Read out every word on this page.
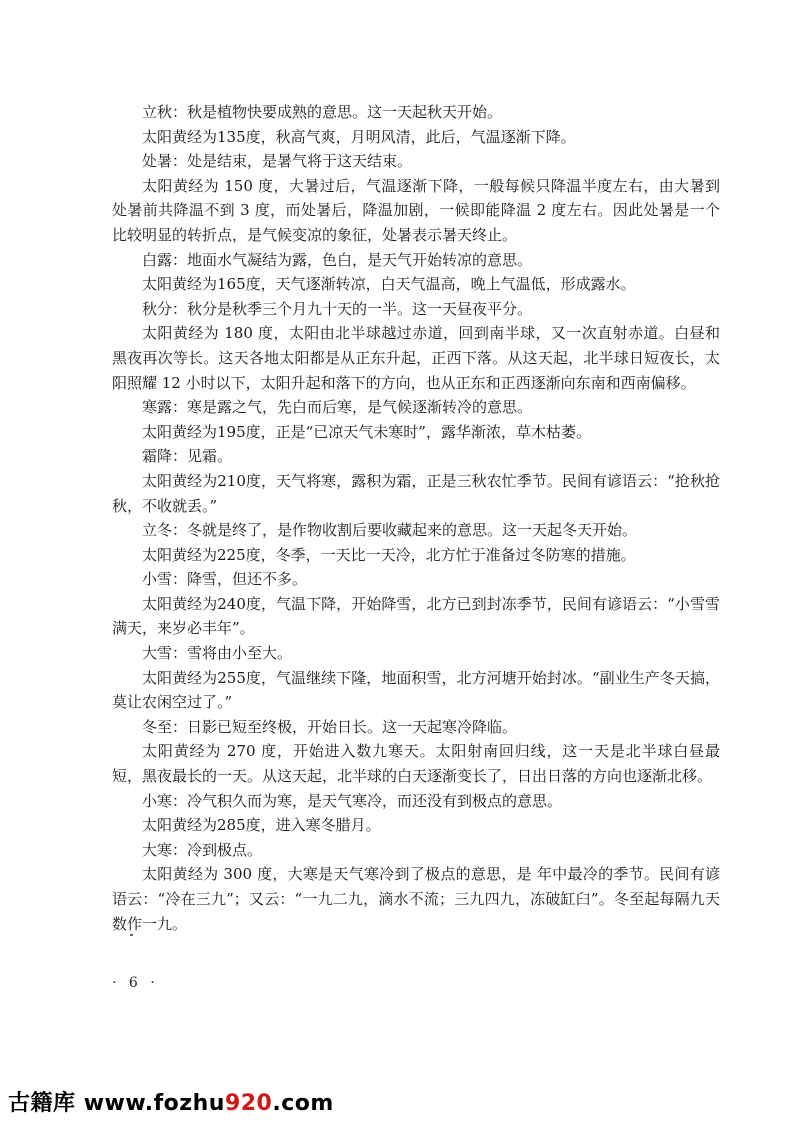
立秋：秋是植物快要成熟的意思。这一天起秋天开始。

太阳黄经为135度，秋高气爽，月明风清，此后，气温逐渐下降。

处暑：处是结束，是暑气将于这天结束。

太阳黄经为 150 度，大暑过后，气温逐渐下降，一般每候只降温半度左右，由大暑到处暑前共降温不到 3 度，而处暑后，降温加剧，一候即能降温 2 度左右。因此处暑是一个比较明显的转折点，是气候变凉的象征，处暑表示暑天终止。

白露：地面水气凝结为露，色白，是天气开始转凉的意思。

太阳黄经为165度，天气逐渐转凉，白天气温高，晚上气温低，形成露水。

秋分：秋分是秋季三个月九十天的一半。这一天昼夜平分。

太阳黄经为 180 度，太阳由北半球越过赤道，回到南半球，又一次直射赤道。白昼和黑夜再次等长。这天各地太阳都是从正东升起，正西下落。从这天起，北半球日短夜长，太阳照耀 12 小时以下，太阳升起和落下的方向，也从正东和正西逐渐向东南和西南偏移。

寒露：寒是露之气，先白而后寒，是气候逐渐转冷的意思。

太阳黄经为195度，正是“已凉天气未寒时”，露华渐浓，草木枯萎。

霜降：见霜。

太阳黄经为210度，天气将寒，露积为霜，正是三秋农忙季节。民间有谚语云：“抢秋抢秋，不收就丢。”

立冬：冬就是终了，是作物收割后要收藏起来的意思。这一天起冬天开始。

太阳黄经为225度，冬季，一天比一天冷，北方忙于准备过冬防寒的措施。

小雪：降雪，但还不多。

太阳黄经为240度，气温下降，开始降雪，北方已到封冻季节，民间有谚语云：“小雪雪满天，来岁必丰年”。

大雪：雪将由小至大。

太阳黄经为255度，气温继续下隆，地面积雪，北方河塘开始封冰。“副业生产冬天搞，莫让农闲空过了。”

冬至：日影已短至终极，开始日长。这一天起寒冷降临。

太阳黄经为 270 度，开始进入数九寒天。太阳射南回归线，这一天是北半球白昼最短，黑夜最长的一天。从这天起，北半球的白天逐渐变长了，日出日落的方向也逐渐北移。

小寒：冷气积久而为寒，是天气寒冷，而还没有到极点的意思。

太阳黄经为285度，进入寒冬腊月。

大寒：冷到极点。

太阳黄经为 300 度，大寒是天气寒冷到了极点的意思，是 年中最冷的季节。民间有谚语云：“冷在三九”；又云：“一九二九，滴水不流；三九四九，冻破缸臼”。冬至起每隔九天数作一九。

· 6 ·
古籍库 www.fozhu920.com
